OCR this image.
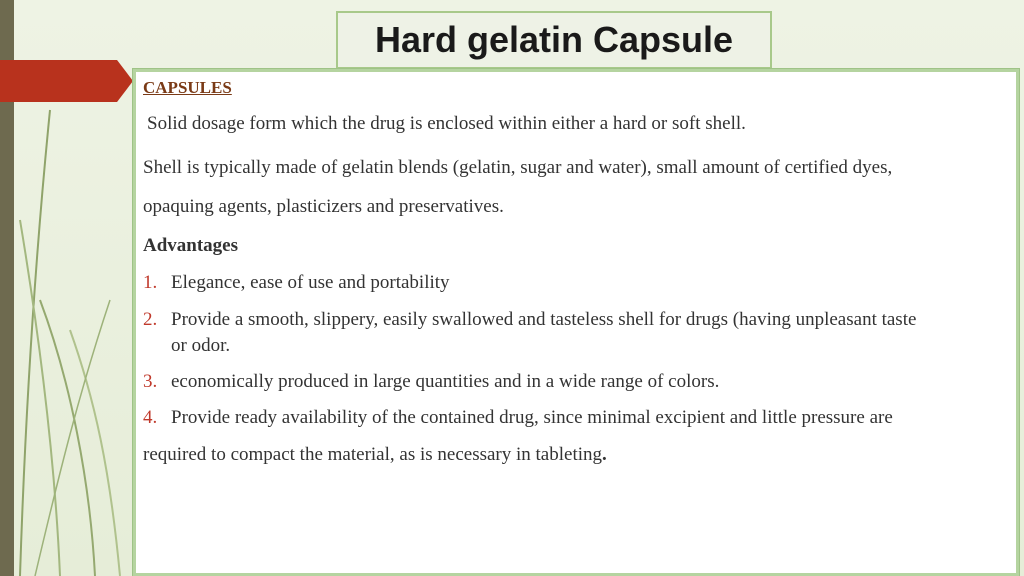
Hard gelatin Capsule
CAPSULES
Solid dosage form which the drug is enclosed within either a hard or soft shell.
Shell is typically made of gelatin blends (gelatin, sugar and water), small amount of certified dyes,
opaquing agents, plasticizers and preservatives.
Advantages
1. Elegance, ease of use and portability
2. Provide a smooth, slippery, easily swallowed and tasteless shell for drugs (having unpleasant taste
or odor.
3. economically produced in large quantities and in a wide range of colors.
4. Provide ready availability of the contained drug, since minimal excipient and little pressure are
required to compact the material, as is necessary in tableting.
